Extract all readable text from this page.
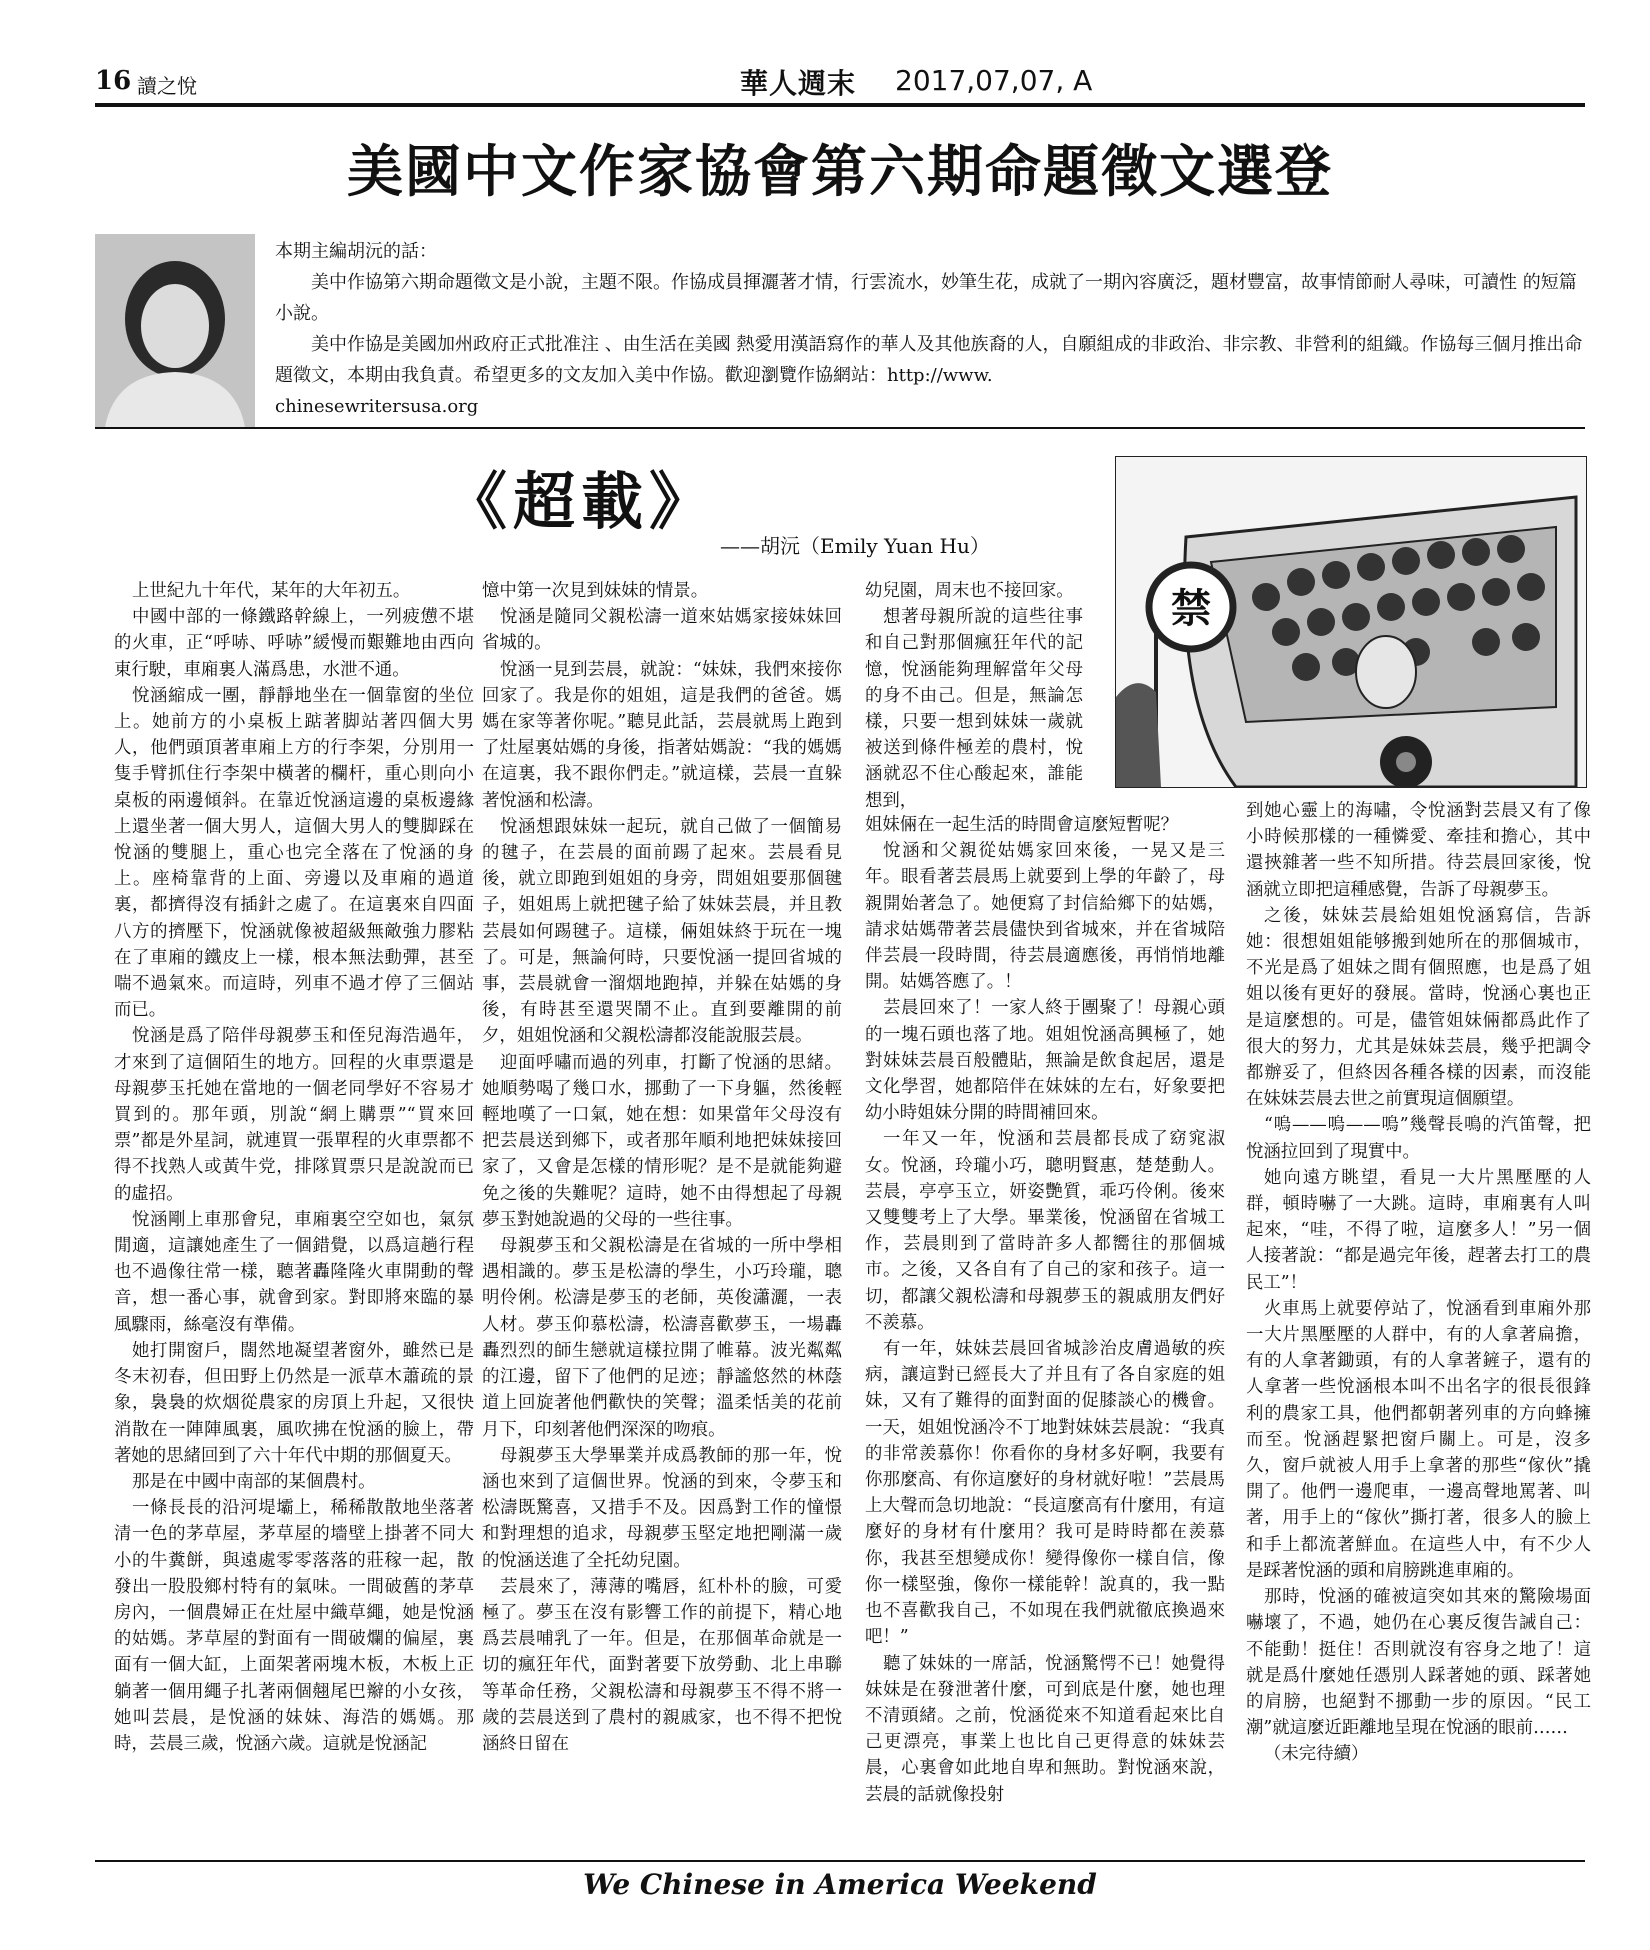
16 讀之悅	華人週末 2017,07,07, A
美國中文作家協會第六期命題徵文選登

本期主編胡沅的話：

美中作協第六期命題徵文是小說，主題不限。作協成員揮灑著才情，行雲流水，妙筆生花，成就了一期內容廣泛，題材豐富，故事情節耐人尋味，可讀性 的短篇小說。

美中作協是美國加州政府正式批准注 、由生活在美國 熱愛用漢語寫作的華人及其他族裔的人，自願組成的非政治、非宗教、非營利的組織。作協每三個月推出命題徵文，本期由我負責。希望更多的文友加入美中作協。歡迎瀏覽作協網站：http://www.

chinesewritersusa.org

《超載》
——胡沅（Emily Yuan Hu）
禁

上世紀九十年代，某年的大年初五。

中國中部的一條鐵路幹線上，一列疲憊不堪的火車，正“呼哧、呼哧”緩慢而艱難地由西向東行駛，車廂裏人滿爲患，水泄不通。

悅涵縮成一團，靜靜地坐在一個靠窗的坐位上。她前方的小桌板上踮著脚站著四個大男人，他們頭頂著車廂上方的行李架，分別用一隻手臂抓住行李架中橫著的欄杆，重心則向小桌板的兩邊傾斜。在靠近悅涵這邊的桌板邊緣上還坐著一個大男人，這個大男人的雙脚踩在悅涵的雙腿上，重心也完全落在了悅涵的身上。座椅靠背的上面、旁邊以及車廂的過道裏，都擠得沒有插針之處了。在這裏來自四面八方的擠壓下，悅涵就像被超級無敵強力膠粘在了車廂的鐵皮上一樣，根本無法動彈，甚至喘不過氣來。而這時，列車不過才停了三個站而已。

悅涵是爲了陪伴母親夢玉和侄兒海浩過年，才來到了這個陌生的地方。回程的火車票還是母親夢玉托她在當地的一個老同學好不容易才買到的。那年頭，別說“網上購票”“買來回票”都是外星詞，就連買一張單程的火車票都不得不找熟人或黃牛党，排隊買票只是說說而已的虛招。

悅涵剛上車那會兒，車廂裏空空如也，氣氛閒適，這讓她產生了一個錯覺，以爲這趟行程也不過像往常一樣，聽著轟隆隆火車開動的聲音，想一番心事，就會到家。對即將來臨的暴風驟雨，絲毫沒有準備。

她打開窗戶，闊然地凝望著窗外，雖然已是冬末初春，但田野上仍然是一派草木蕭疏的景象，裊裊的炊烟從農家的房頂上升起，又很快消散在一陣陣風裏，風吹拂在悅涵的臉上，帶著她的思緒回到了六十年代中期的那個夏天。

那是在中國中南部的某個農村。

一條長長的沿河堤壩上，稀稀散散地坐落著清一色的茅草屋，茅草屋的墻壁上掛著不同大小的牛糞餅，與遠處零零落落的莊稼一起，散發出一股股鄉村特有的氣味。一間破舊的茅草房內，一個農婦正在灶屋中織草繩，她是悅涵的姑媽。茅草屋的對面有一間破爛的偏屋，裏面有一個大缸，上面架著兩塊木板，木板上正躺著一個用繩子扎著兩個翹尾巴辮的小女孩，她叫芸晨，是悅涵的妹妹、海浩的媽媽。那時，芸晨三歲，悅涵六歲。這就是悅涵記

憶中第一次見到妹妹的情景。

悅涵是隨同父親松濤一道來姑媽家接妹妹回省城的。

悅涵一見到芸晨，就說：“妹妹，我們來接你回家了。我是你的姐姐，這是我們的爸爸。媽媽在家等著你呢。”聽見此話，芸晨就馬上跑到了灶屋裏姑媽的身後，指著姑媽說：“我的媽媽在這裏，我不跟你們走。”就這樣，芸晨一直躲著悅涵和松濤。

悅涵想跟妹妹一起玩，就自己做了一個簡易的毽子，在芸晨的面前踢了起來。芸晨看見後，就立即跑到姐姐的身旁，問姐姐要那個毽子，姐姐馬上就把毽子給了妹妹芸晨，并且教芸晨如何踢毽子。這樣，倆姐妹終于玩在一塊了。可是，無論何時，只要悅涵一提回省城的事，芸晨就會一溜烟地跑掉，并躲在姑媽的身後，有時甚至還哭鬧不止。直到要離開的前夕，姐姐悅涵和父親松濤都沒能說服芸晨。

迎面呼嘯而過的列車，打斷了悅涵的思緒。她順勢喝了幾口水，挪動了一下身軀，然後輕輕地嘆了一口氣，她在想：如果當年父母沒有把芸晨送到鄉下，或者那年順利地把妹妹接回家了，又會是怎樣的情形呢？是不是就能夠避免之後的失難呢？這時，她不由得想起了母親夢玉對她說過的父母的一些往事。

母親夢玉和父親松濤是在省城的一所中學相遇相識的。夢玉是松濤的學生，小巧玲瓏，聰明伶俐。松濤是夢玉的老師，英俊瀟灑，一表人材。夢玉仰慕松濤，松濤喜歡夢玉，一場轟轟烈烈的師生戀就這樣拉開了帷幕。波光粼粼的江邊，留下了他們的足迹；靜謐悠然的林蔭道上回旋著他們歡快的笑聲；溫柔恬美的花前月下，印刻著他們深深的吻痕。

母親夢玉大學畢業并成爲教師的那一年，悅涵也來到了這個世界。悅涵的到來，令夢玉和松濤既驚喜，又措手不及。因爲對工作的憧憬和對理想的追求，母親夢玉堅定地把剛滿一歲的悅涵送進了全托幼兒園。

芸晨來了，薄薄的嘴唇，紅朴朴的臉，可愛極了。夢玉在沒有影響工作的前提下，精心地爲芸晨哺乳了一年。但是，在那個革命就是一切的瘋狂年代，面對著要下放勞動、北上串聯等革命任務，父親松濤和母親夢玉不得不將一歲的芸晨送到了農村的親戚家，也不得不把悅涵終日留在

幼兒園，周末也不接回家。

想著母親所說的這些往事和自己對那個瘋狂年代的記憶，悅涵能夠理解當年父母的身不由己。但是，無論怎樣，只要一想到妹妹一歲就被送到條件極差的農村，悅涵就忍不住心酸起來，誰能想到，

姐妹倆在一起生活的時間會這麼短暫呢？

悅涵和父親從姑媽家回來後，一晃又是三年。眼看著芸晨馬上就要到上學的年齡了，母親開始著急了。她便寫了封信給鄉下的姑媽，請求姑媽帶著芸晨儘快到省城來，并在省城陪伴芸晨一段時間，待芸晨適應後，再悄悄地離開。姑媽答應了。！

芸晨回來了！一家人終于團聚了！母親心頭的一塊石頭也落了地。姐姐悅涵高興極了，她對妹妹芸晨百般體貼，無論是飲食起居，還是文化學習，她都陪伴在妹妹的左右，好象要把幼小時姐妹分開的時間補回來。

一年又一年，悅涵和芸晨都長成了窈窕淑女。悅涵，玲瓏小巧，聰明賢惠，楚楚動人。芸晨，亭亭玉立，妍姿艷質，乖巧伶俐。後來又雙雙考上了大學。畢業後，悅涵留在省城工作，芸晨則到了當時許多人都嚮往的那個城市。之後，又各自有了自己的家和孩子。這一切，都讓父親松濤和母親夢玉的親戚朋友們好不羨慕。

有一年，妹妹芸晨回省城診治皮膚過敏的疾病，讓這對已經長大了并且有了各自家庭的姐妹，又有了難得的面對面的促膝談心的機會。一天，姐姐悅涵冷不丁地對妹妹芸晨說：“我真的非常羨慕你！你看你的身材多好啊，我要有你那麼高、有你這麼好的身材就好啦！”芸晨馬上大聲而急切地說：“長這麼高有什麼用，有這麼好的身材有什麼用？我可是時時都在羨慕你，我甚至想變成你！變得像你一樣自信，像你一樣堅強，像你一樣能幹！說真的，我一點也不喜歡我自己，不如現在我們就徹底換過來吧！”

聽了妹妹的一席話，悅涵驚愕不已！她覺得妹妹是在發泄著什麼，可到底是什麼，她也理不清頭緒。之前，悅涵從來不知道看起來比自己更漂亮，事業上也比自己更得意的妹妹芸晨，心裏會如此地自卑和無助。對悅涵來說，芸晨的話就像投射

到她心靈上的海嘯，令悅涵對芸晨又有了像小時候那樣的一種憐愛、牽挂和擔心，其中還挾雜著一些不知所措。待芸晨回家後，悅涵就立即把這種感覺，告訴了母親夢玉。

之後，妹妹芸晨給姐姐悅涵寫信，告訴她：很想姐姐能够搬到她所在的那個城市，不光是爲了姐妹之間有個照應，也是爲了姐姐以後有更好的發展。當時，悅涵心裏也正是這麼想的。可是，儘管姐妹倆都爲此作了很大的努力，尤其是妹妹芸晨，幾乎把調令都辦妥了，但終因各種各樣的因素，而沒能在妹妹芸晨去世之前實現這個願望。

“嗚——嗚——嗚”幾聲長鳴的汽笛聲，把悅涵拉回到了現實中。

她向遠方眺望，看見一大片黑壓壓的人群，頓時嚇了一大跳。這時，車廂裏有人叫起來，“哇，不得了啦，這麼多人！”另一個人接著說：“都是過完年後，趕著去打工的農民工”！

火車馬上就要停站了，悅涵看到車廂外那一大片黑壓壓的人群中，有的人拿著扁擔，有的人拿著鋤頭，有的人拿著鏟子，還有的人拿著一些悅涵根本叫不出名字的很長很鋒利的農家工具，他們都朝著列車的方向蜂擁而至。悅涵趕緊把窗戶關上。可是，沒多久，窗戶就被人用手上拿著的那些“傢伙”撬開了。他們一邊爬車，一邊高聲地罵著、叫著，用手上的“傢伙”撕打著，很多人的臉上和手上都流著鮮血。在這些人中，有不少人是踩著悅涵的頭和肩膀跳進車廂的。

那時，悅涵的確被這突如其來的驚險場面嚇壞了，不過，她仍在心裏反復告誡自己：不能動！挺住！否則就沒有容身之地了！這就是爲什麼她任憑別人踩著她的頭、踩著她的肩膀，也絕對不挪動一步的原因。“民工潮”就這麼近距離地呈現在悅涵的眼前……

（未完待續）

We Chinese in America Weekend
